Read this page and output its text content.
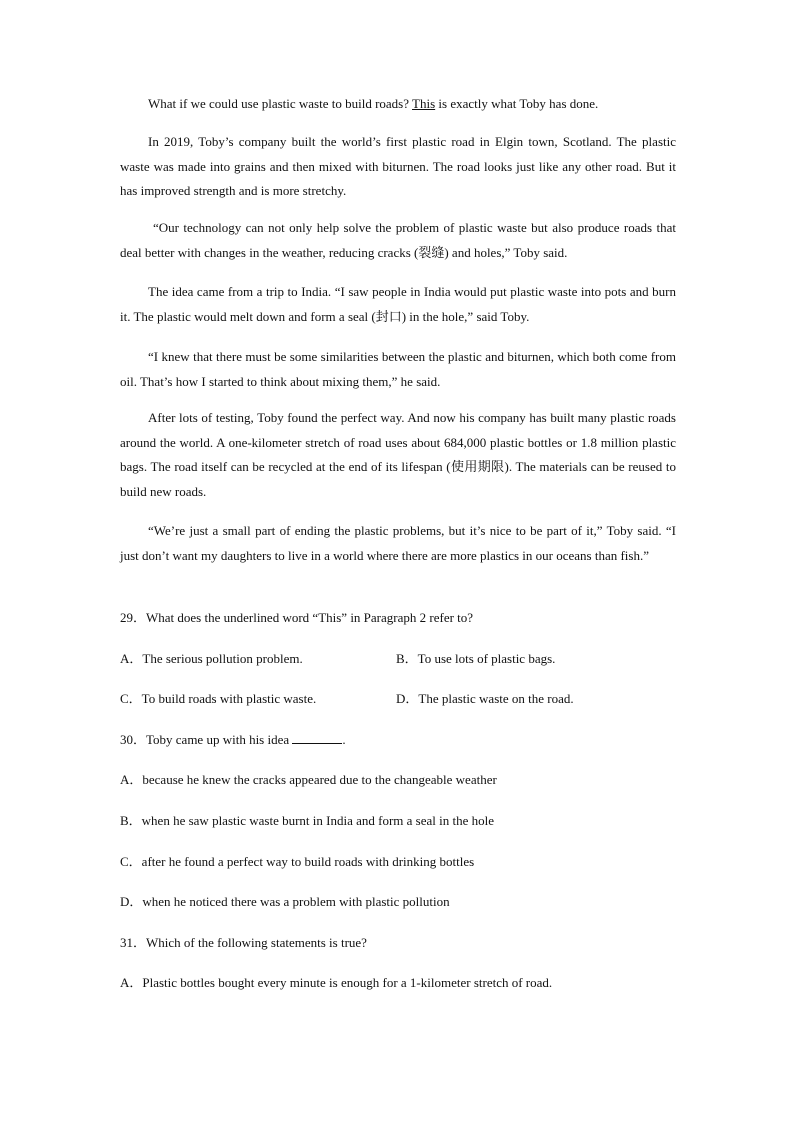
What if we could use plastic waste to build roads? This is exactly what Toby has done.

In 2019, Toby’s company built the world’s first plastic road in Elgin town, Scotland. The plastic waste was made into grains and then mixed with biturnen. The road looks just like any other road. But it has improved strength and is more stretchy.

“Our technology can not only help solve the problem of plastic waste but also produce roads that deal better with changes in the weather, reducing cracks (裂缝) and holes,” Toby said.

The idea came from a trip to India. “I saw people in India would put plastic waste into pots and burn it. The plastic would melt down and form a seal (封口) in the hole,” said Toby.

“I knew that there must be some similarities between the plastic and biturnen, which both come from oil. That’s how I started to think about mixing them,” he said.

After lots of testing, Toby found the perfect way. And now his company has built many plastic roads around the world. A one-kilometer stretch of road uses about 684,000 plastic bottles or 1.8 million plastic bags. The road itself can be recycled at the end of its lifespan (使用期限). The materials can be reused to build new roads.

“We’re just a small part of ending the plastic problems, but it’s nice to be part of it,” Toby said. “I just don’t want my daughters to live in a world where there are more plastics in our oceans than fish.”

29．What does the underlined word “This” in Paragraph 2 refer to?

A．The serious pollution problem.	B．To use lots of plastic bags.

C．To build roads with plastic waste.	D．The plastic waste on the road.

30．Toby came up with his idea	.

A．because he knew the cracks appeared due to the changeable weather

B．when he saw plastic waste burnt in India and form a seal in the hole

C．after he found a perfect way to build roads with drinking bottles

D．when he noticed there was a problem with plastic pollution

31．Which of the following statements is true?

A．Plastic bottles bought every minute is enough for a 1-kilometer stretch of road.
